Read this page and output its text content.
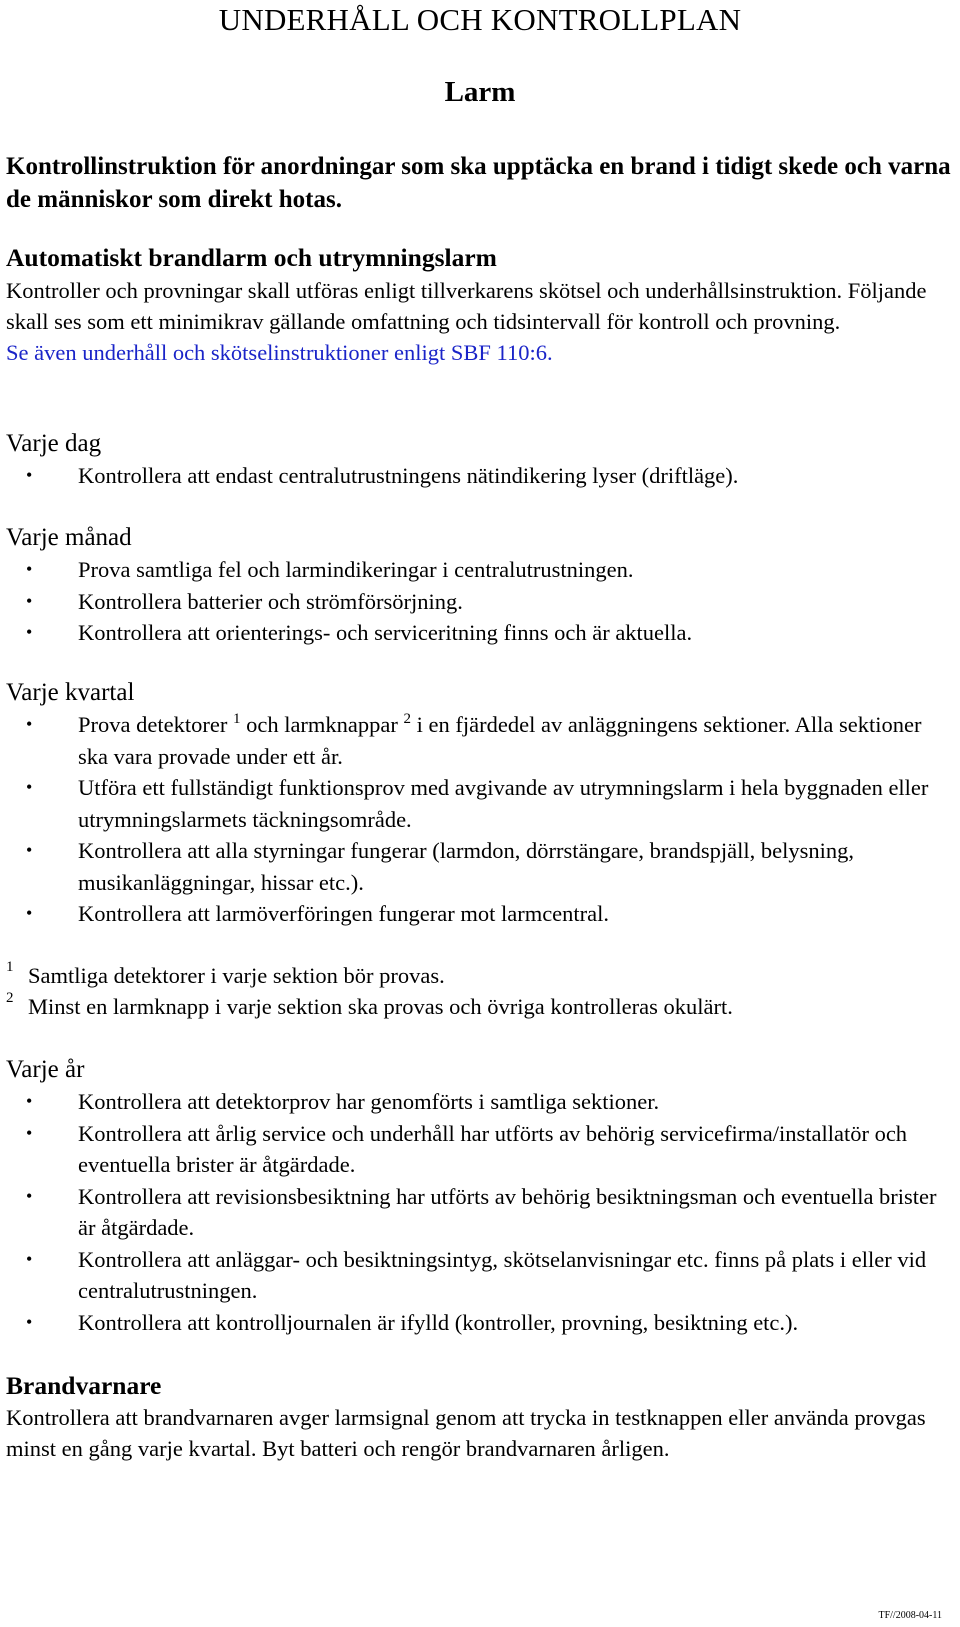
UNDERHÅLL OCH KONTROLLPLAN
Larm

Kontrollinstruktion för anordningar som ska upptäcka en brand i tidigt skede och varna de människor som direkt hotas.

Automatiskt brandlarm och utrymningslarm

Kontroller och provningar skall utföras enligt tillverkarens skötsel och underhållsinstruktion. Följande skall ses som ett minimikrav gällande omfattning och tidsintervall för kontroll och provning.

Se även underhåll och skötselinstruktioner enligt SBF 110:6.

Varje dag
• Kontrollera att endast centralutrustningens nätindikering lyser (driftläge).
Varje månad
• Prova samtliga fel och larmindikeringar i centralutrustningen.
• Kontrollera batterier och strömförsörjning.
• Kontrollera att orienterings- och serviceritning finns och är aktuella.
Varje kvartal
• Prova detektorer $^1$ och larmknappar $^2$ i en fjärdedel av anläggningens sektioner. Alla sektioner ska vara provade under ett år.
• Utföra ett fullständigt funktionsprov med avgivande av utrymningslarm i hela byggnaden eller utrymningslarmets täckningsområde.
• Kontrollera att alla styrningar fungerar (larmdon, dörrstängare, brandspjäll, belysning, musikanläggningar, hissar etc.).
• Kontrollera att larmöverföringen fungerar mot larmcentral.
1 Samtliga detektorer i varje sektion bör provas.
2 Minst en larmknapp i varje sektion ska provas och övriga kontrolleras okulärt.
Varje år
• Kontrollera att detektorprov har genomförts i samtliga sektioner.
• Kontrollera att årlig service och underhåll har utförts av behörig servicefirma/installatör och eventuella brister är åtgärdade.
• Kontrollera att revisionsbesiktning har utförts av behörig besiktningsman och eventuella brister är åtgärdade.
• Kontrollera att anläggar- och besiktningsintyg, skötselanvisningar etc. finns på plats i eller vid centralutrustningen.
• Kontrollera att kontrolljournalen är ifylld (kontroller, provning, besiktning etc.).
Brandvarnare

Kontrollera att brandvarnaren avger larmsignal genom att trycka in testknappen eller använda provgas minst en gång varje kvartal. Byt batteri och rengör brandvarnaren årligen.

TF//2008-04-11
